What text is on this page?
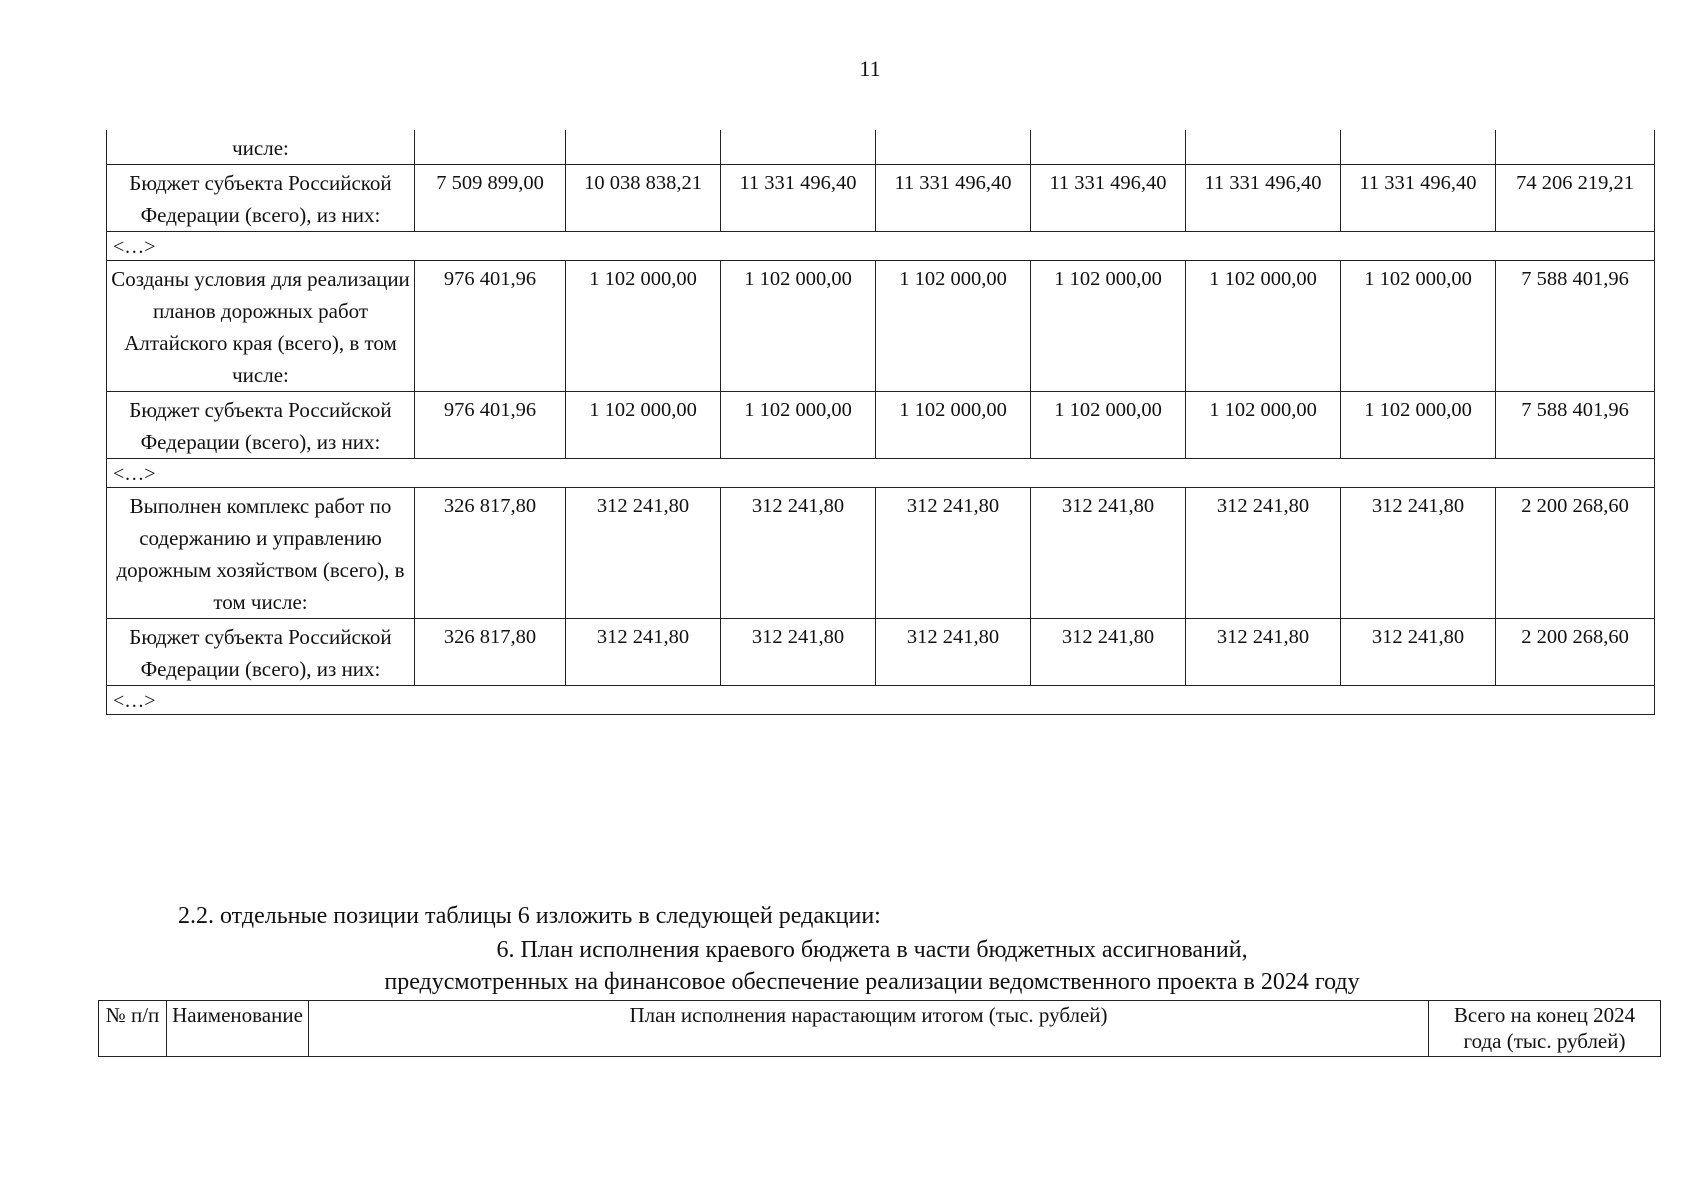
11
числе:								
Бюджет субъекта Российской Федерации (всего), из них:	7 509 899,00	10 038 838,21	11 331 496,40	11 331 496,40	11 331 496,40	11 331 496,40	11 331 496,40	74 206 219,21
<…>								
Созданы условия для реализации планов дорожных работ Алтайского края (всего), в том числе:	976 401,96	1 102 000,00	1 102 000,00	1 102 000,00	1 102 000,00	1 102 000,00	1 102 000,00	7 588 401,96
Бюджет субъекта Российской Федерации (всего), из них:	976 401,96	1 102 000,00	1 102 000,00	1 102 000,00	1 102 000,00	1 102 000,00	1 102 000,00	7 588 401,96
<…>								
Выполнен комплекс работ по содержанию и управлению дорожным хозяйством (всего), в том числе:	326 817,80	312 241,80	312 241,80	312 241,80	312 241,80	312 241,80	312 241,80	2 200 268,60
Бюджет субъекта Российской Федерации (всего), из них:	326 817,80	312 241,80	312 241,80	312 241,80	312 241,80	312 241,80	312 241,80	2 200 268,60
<…>								
2.2. отдельные позиции таблицы 6 изложить в следующей редакции:
6. План исполнения краевого бюджета в части бюджетных ассигнований,
предусмотренных на финансовое обеспечение реализации ведомственного проекта в 2024 году
№ п/п	Наименование	План исполнения нарастающим итогом (тыс. рублей)	Всего на конец 2024 года (тыс. рублей)
